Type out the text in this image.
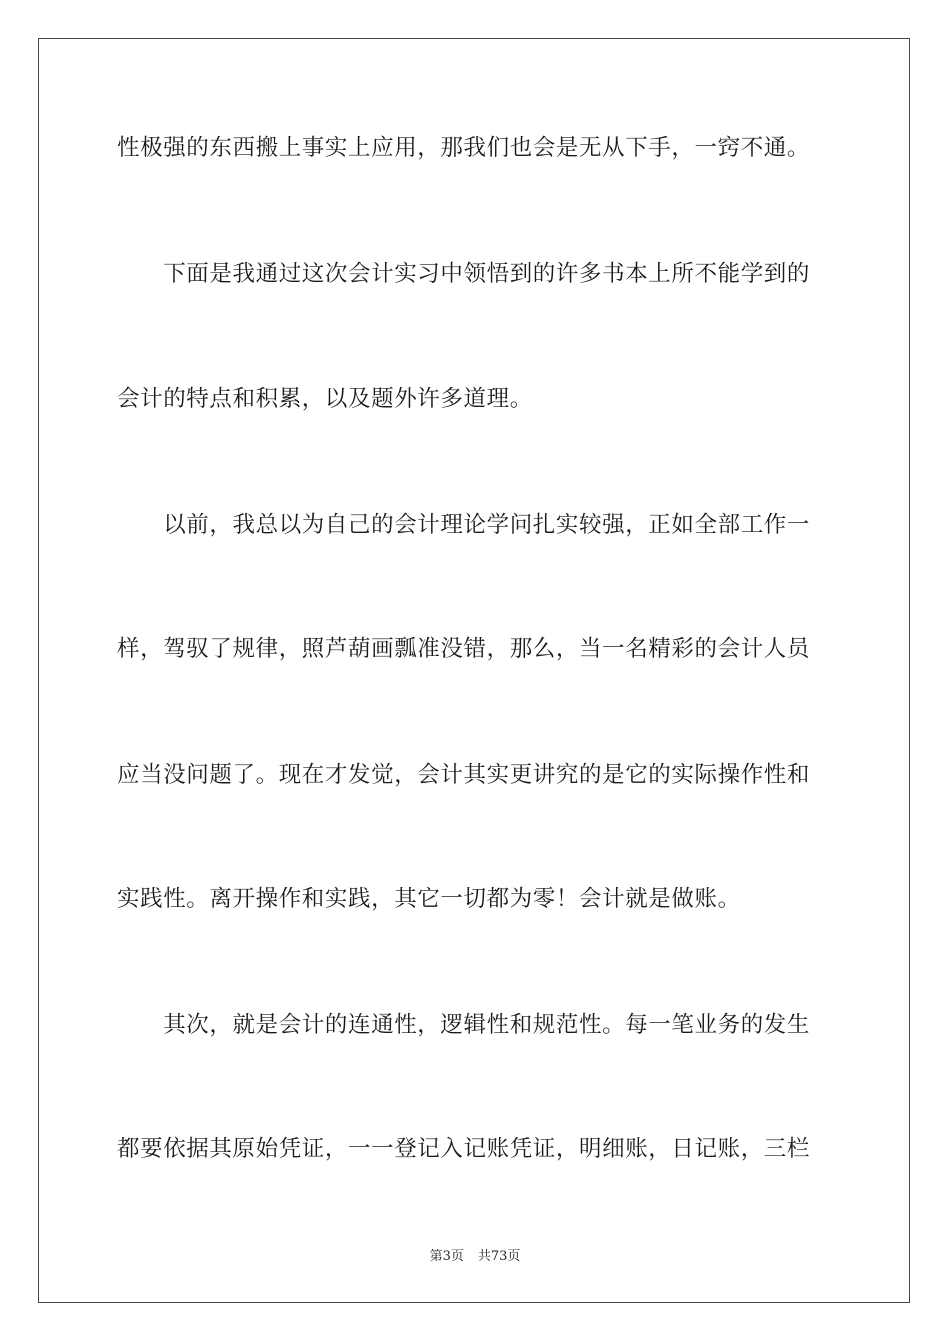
性极强的东西搬上事实上应用，那我们也会是无从下手，一窍不通。
　　下面是我通过这次会计实习中领悟到的许多书本上所不能学到的
会计的特点和积累，以及题外许多道理。
　　以前，我总以为自己的会计理论学问扎实较强，正如全部工作一
样，驾驭了规律，照芦葫画瓢准没错，那么，当一名精彩的会计人员
应当没问题了。现在才发觉，会计其实更讲究的是它的实际操作性和
实践性。离开操作和实践，其它一切都为零！会计就是做账。
　　其次，就是会计的连通性，逻辑性和规范性。每一笔业务的发生
都要依据其原始凭证，一一登记入记账凭证，明细账，日记账，三栏
第3页 共73页
